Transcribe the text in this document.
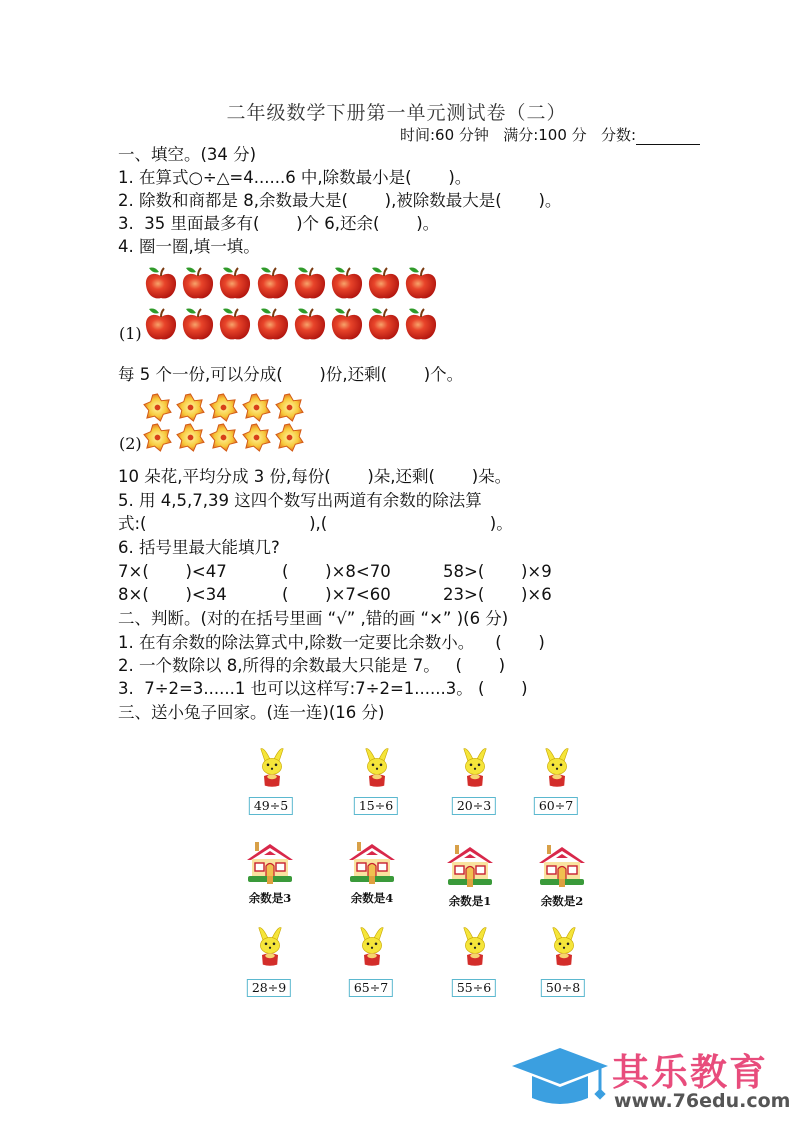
二年级数学下册第一单元测试卷（二）
时间:60 分钟   满分:100 分   分数:
一、填空。(34 分)
1. 在算式○÷△=4......6 中,除数最小是(       )。
2. 除数和商都是 8,余数最大是(       ),被除数最大是(       )。
3.  35 里面最多有(       )个 6,还余(       )。
4. 圈一圈,填一填。
(1)
每 5 个一份,可以分成(       )份,还剩(       )个。
(2)
10 朵花,平均分成 3 份,每份(       )朵,还剩(       )朵。
5. 用 4,5,7,39 这四个数写出两道有余数的除法算
式:(                               ),(                               )。
6. 括号里最大能填几?
7×(       )<47	(       )×8<70	58>(       )×9
8×(       )<34	(       )×7<60	23>(       )×6
二、判断。(对的在括号里画 “√” ,错的画 “×” )(6 分)
1. 在有余数的除法算式中,除数一定要比余数小。    (       )
2. 一个数除以 8,所得的余数最大只能是 7。   (       )
3.  7÷2=3......1 也可以这样写:7÷2=1......3。 (       )
三、送小兔子回家。(连一连)(16 分)
49÷5	15÷6	20÷3	60÷7
余数是3	余数是4	余数是1	余数是2
28÷9	65÷7	55÷6	50÷8
其乐教育
www.76edu.com
